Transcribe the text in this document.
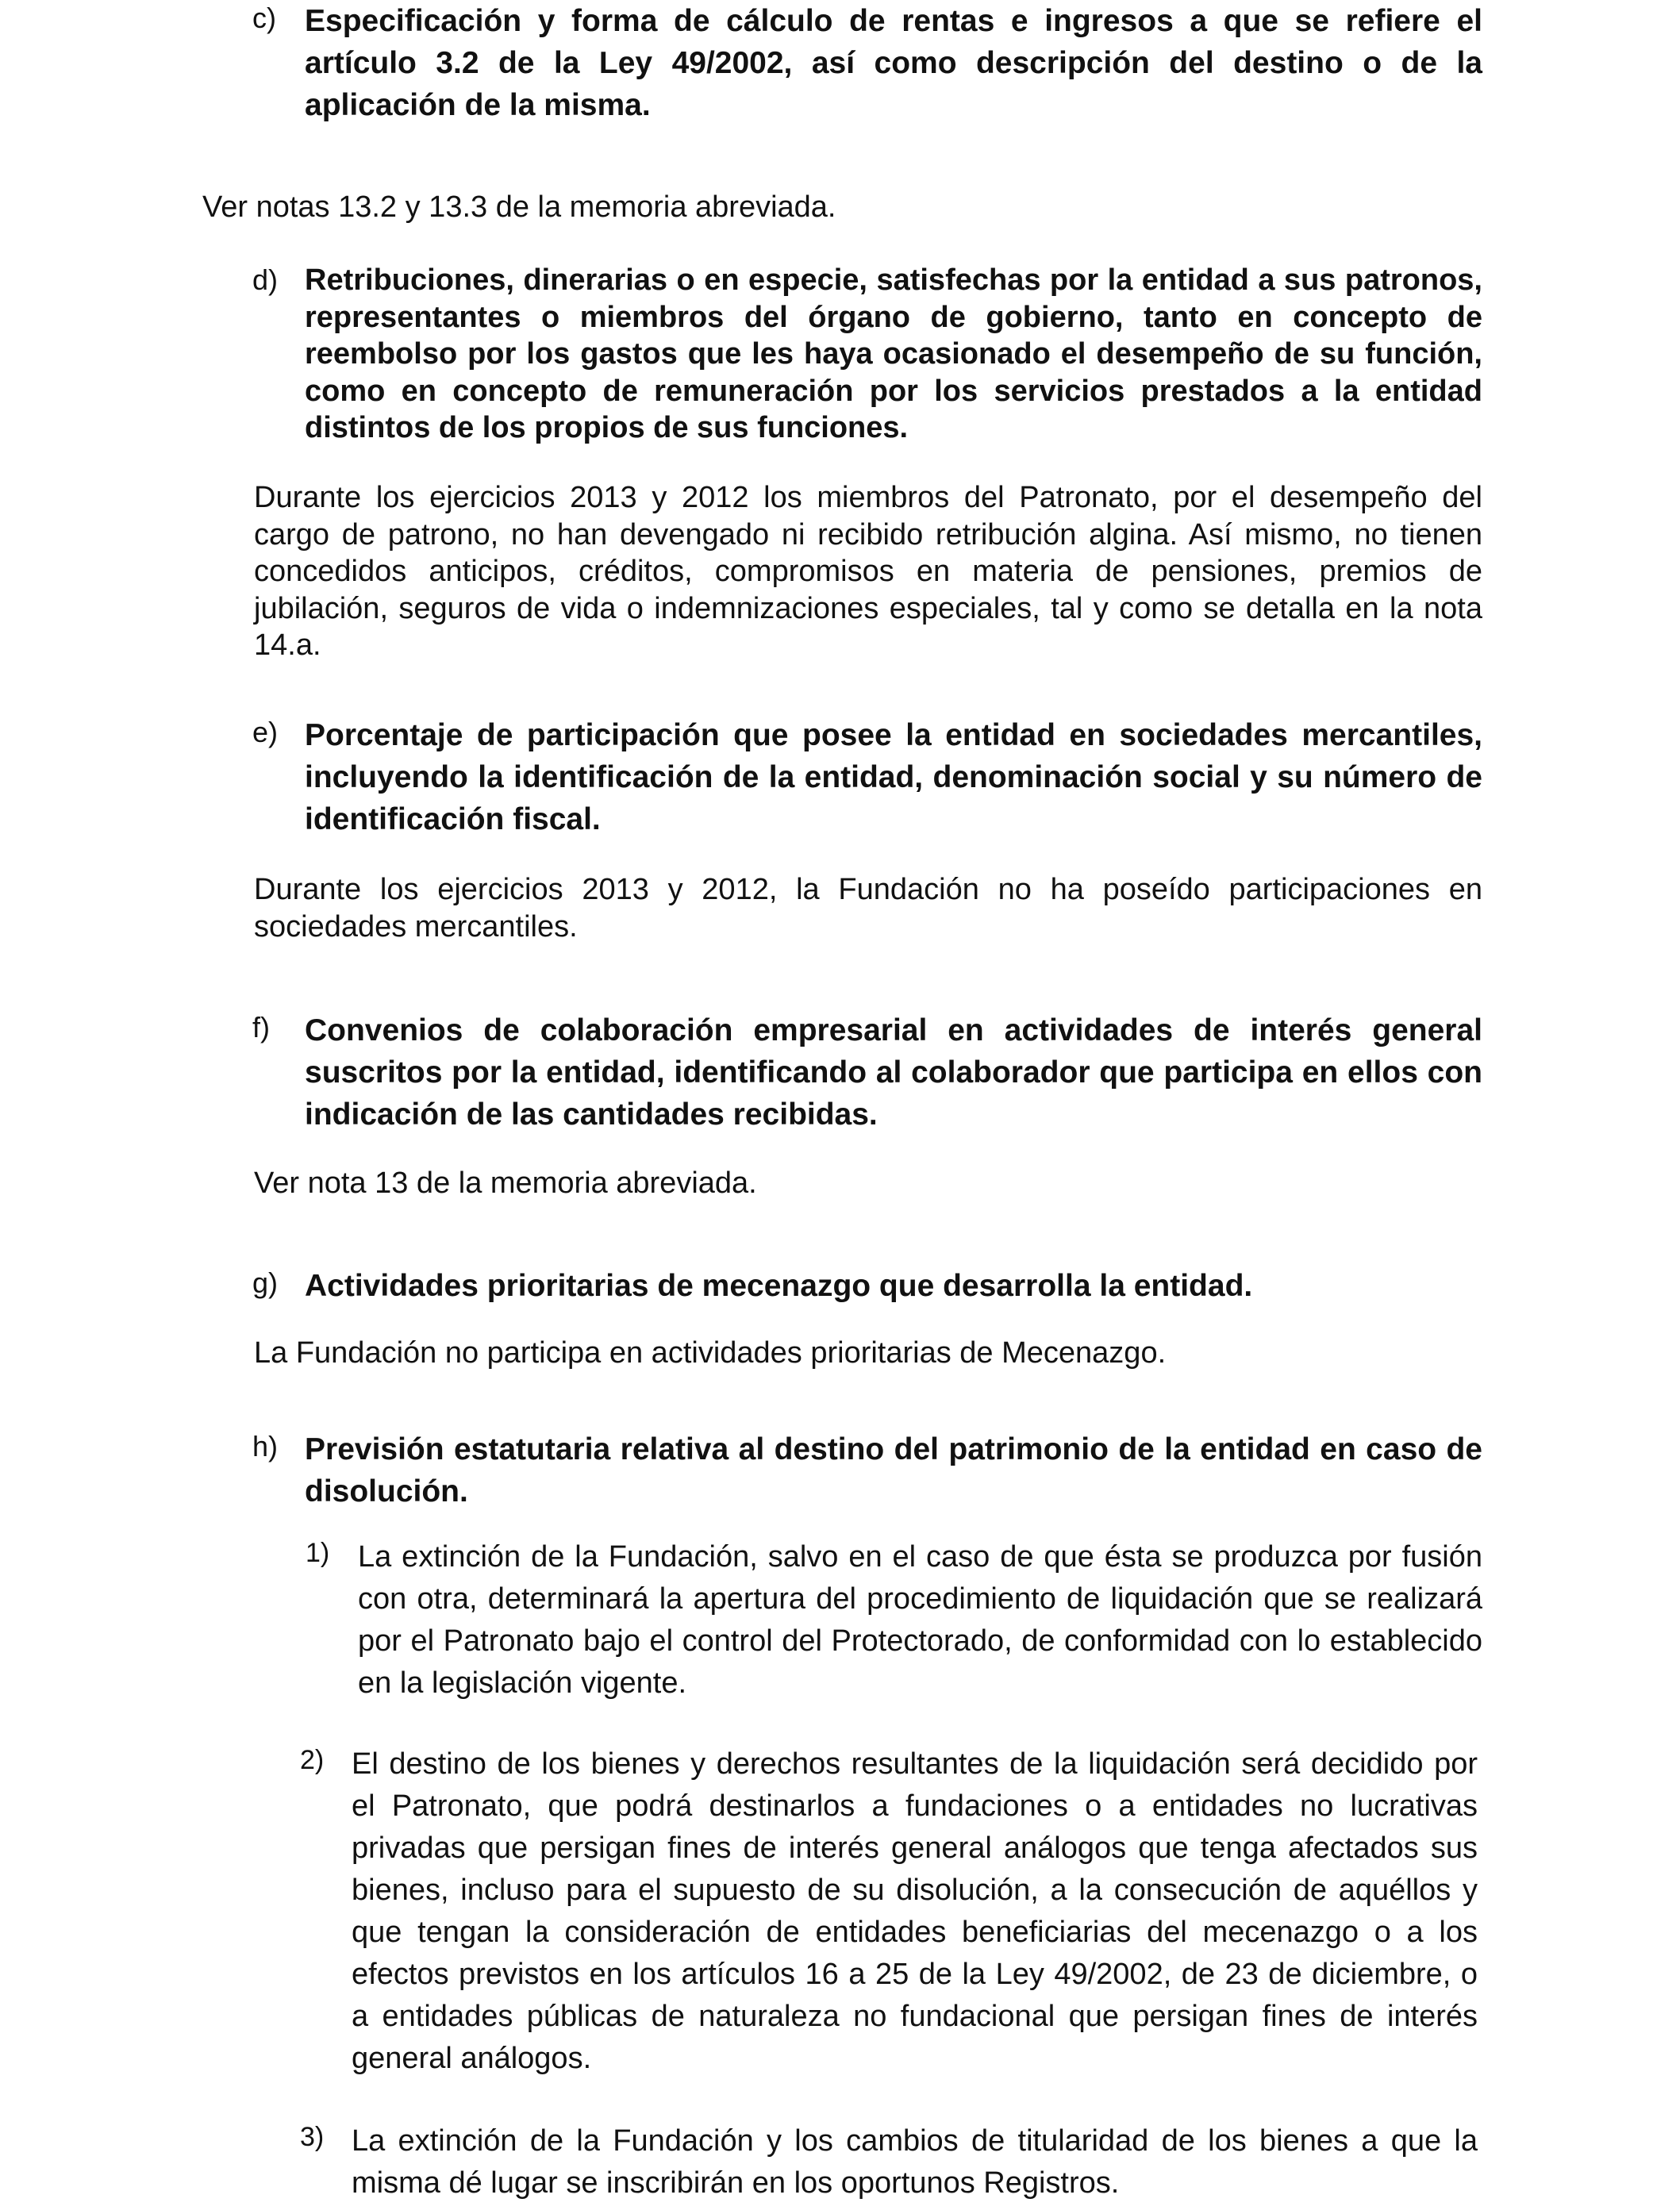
c) Especificación y forma de cálculo de rentas e ingresos a que se refiere el artículo 3.2 de la Ley 49/2002, así como descripción del destino o de la aplicación de la misma.
Ver notas 13.2 y 13.3 de la memoria abreviada.
d) Retribuciones, dinerarias o en especie, satisfechas por la entidad a sus patronos, representantes o miembros del órgano de gobierno, tanto en concepto de reembolso por los gastos que les haya ocasionado el desempeño de su función, como en concepto de remuneración por los servicios prestados a la entidad distintos de los propios de sus funciones.
Durante los ejercicios 2013 y 2012 los miembros del Patronato, por el desempeño del cargo de patrono, no han devengado ni recibido retribución algina. Así mismo, no tienen concedidos anticipos, créditos, compromisos en materia de pensiones, premios de jubilación, seguros de vida o indemnizaciones especiales, tal y como se detalla en la nota 14.a.
e) Porcentaje de participación que posee la entidad en sociedades mercantiles, incluyendo la identificación de la entidad, denominación social y su número de identificación fiscal.
Durante los ejercicios 2013 y 2012, la Fundación no ha poseído participaciones en sociedades mercantiles.
f) Convenios de colaboración empresarial en actividades de interés general suscritos por la entidad, identificando al colaborador que participa en ellos con indicación de las cantidades recibidas.
Ver nota 13 de la memoria abreviada.
g) Actividades prioritarias de mecenazgo que desarrolla la entidad.
La Fundación no participa en actividades prioritarias de Mecenazgo.
h) Previsión estatutaria relativa al destino del patrimonio de la entidad en caso de disolución.
1) La extinción de la Fundación, salvo en el caso de que ésta se produzca por fusión con otra, determinará la apertura del procedimiento de liquidación que se realizará por el Patronato bajo el control del Protectorado, de conformidad con lo establecido en la legislación vigente.
2) El destino de los bienes y derechos resultantes de la liquidación será decidido por el Patronato, que podrá destinarlos a fundaciones o a entidades no lucrativas privadas que persigan fines de interés general análogos que tenga afectados sus bienes, incluso para el supuesto de su disolución, a la consecución de aquéllos y que tengan la consideración de entidades beneficiarias del mecenazgo o a los efectos previstos en los artículos 16 a 25 de la Ley 49/2002, de 23 de diciembre, o a entidades públicas de naturaleza no fundacional que persigan fines de interés general análogos.
3) La extinción de la Fundación y los cambios de titularidad de los bienes a que la misma dé lugar se inscribirán en los oportunos Registros.
